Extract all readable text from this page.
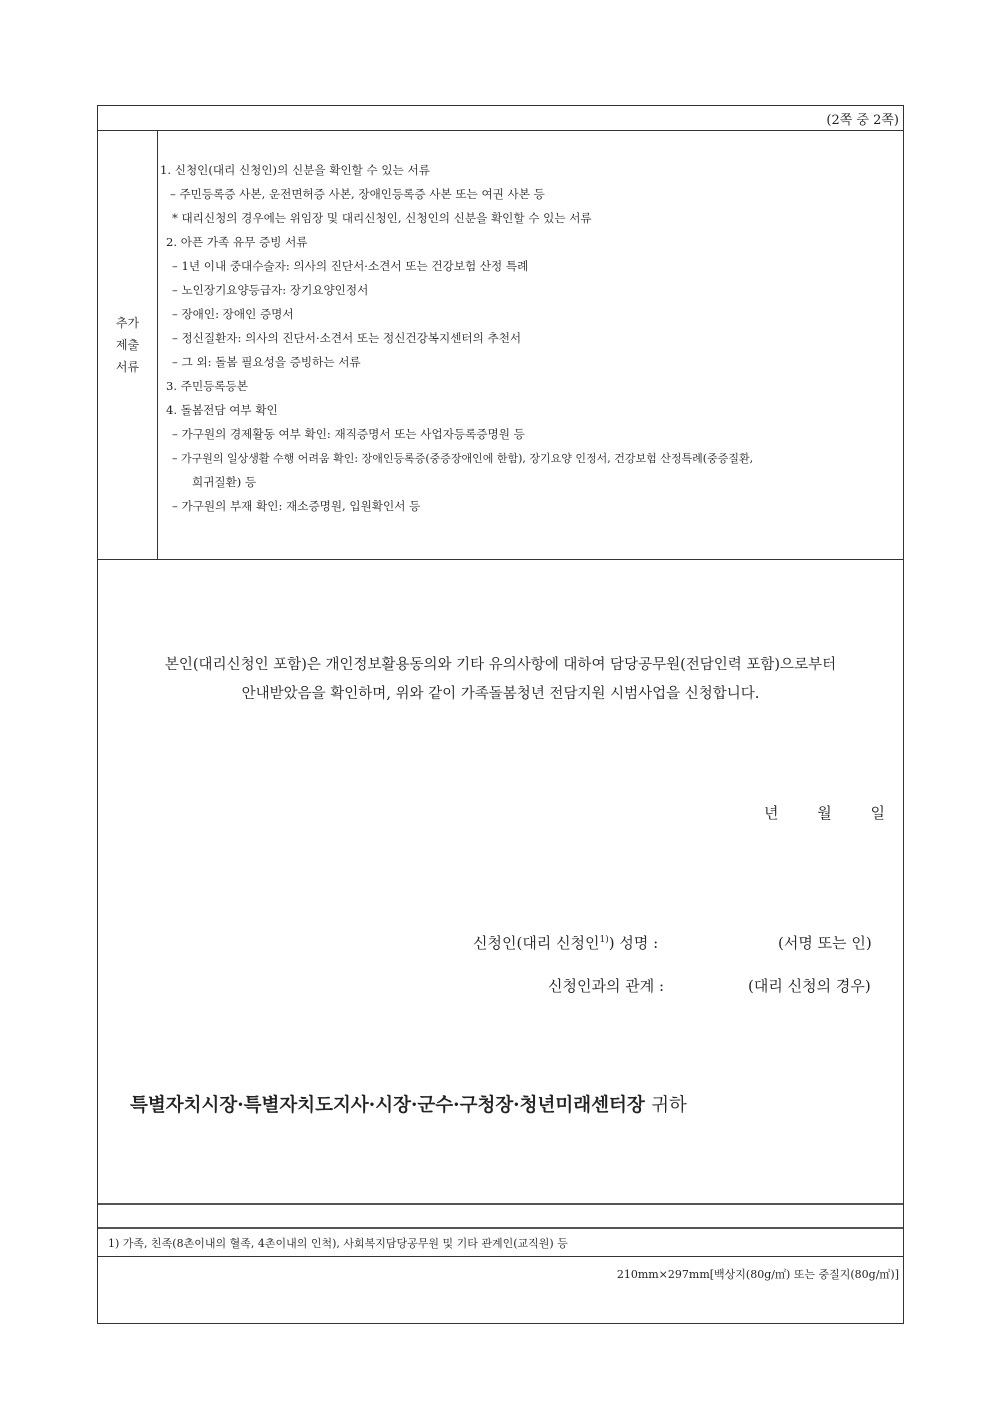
(2쪽 중 2쪽)
추가
제출
서류
1. 신청인(대리 신청인)의 신분을 확인할 수 있는 서류
– 주민등록증 사본, 운전면허증 사본, 장애인등록증 사본 또는 여권 사본 등
* 대리신청의 경우에는 위임장 및 대리신청인, 신청인의 신분을 확인할 수 있는 서류
2. 아픈 가족 유무 증빙 서류
– 1년 이내 중대수술자: 의사의 진단서·소견서 또는 건강보험 산정 특례
– 노인장기요양등급자: 장기요양인정서
– 장애인: 장애인 증명서
– 정신질환자: 의사의 진단서·소견서 또는 정신건강복지센터의 추천서
– 그 외: 돌봄 필요성을 증빙하는 서류
3. 주민등록등본
4. 돌봄전담 여부 확인
– 가구원의 경제활동 여부 확인: 재직증명서 또는 사업자등록증명원 등
– 가구원의 일상생활 수행 어려움 확인: 장애인등록증(중증장애인에 한함), 장기요양 인정서, 건강보험 산정특례(중증질환,
희귀질환) 등
– 가구원의 부재 확인: 재소증명원, 입원확인서 등
본인(대리신청인 포함)은 개인정보활용동의와 기타 유의사항에 대하여 담당공무원(전담인력 포함)으로부터
안내받았음을 확인하며, 위와 같이 가족돌봄청년 전담지원 시범사업을 신청합니다.
년	월	일
신청인(대리 신청인$^{1)}$) 성명 :	(서명 또는 인)
신청인과의 관계 :	(대리 신청의 경우)
특별자치시장·특별자치도지사·시장·군수·구청장·청년미래센터장 귀하
1) 가족, 친족(8촌이내의 혈족, 4촌이내의 인척), 사회복지담당공무원 및 기타 관계인(교직원) 등
210mm×297mm[백상지(80g/㎡) 또는 중질지(80g/㎡)]
